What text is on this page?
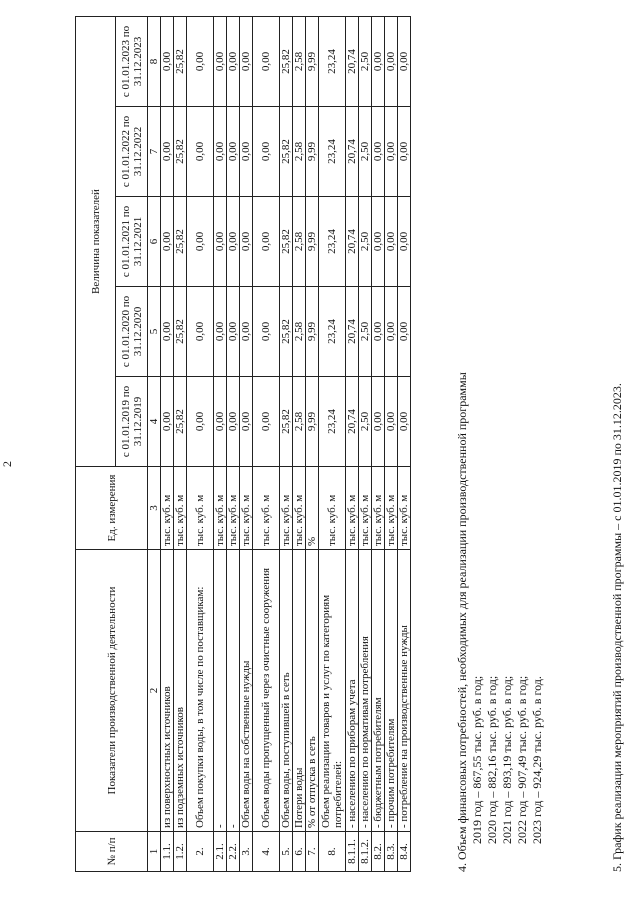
2
№ п/п	Показатели производственной деятельности	Ед. измерения	Величина показателей				
			с 01.01.2019 по 31.12.2019	с 01.01.2020 по 31.12.2020	с 01.01.2021 по 31.12.2021	с 01.01.2022 по 31.12.2022	с 01.01.2023 по 31.12.2023
1	2	3	4	5	6	7	8
1.1.	из поверхностных источников	тыс. куб. м	0,00	0,00	0,00	0,00	0,00
1.2.	из подземных источников	тыс. куб. м	25,82	25,82	25,82	25,82	25,82
2.	Объем покупки воды, в том числе по поставщикам:	тыс. куб. м	0,00	0,00	0,00	0,00	0,00
2.1.	-	тыс. куб. м	0,00	0,00	0,00	0,00	0,00
2.2.	-	тыс. куб. м	0,00	0,00	0,00	0,00	0,00
3.	Объем воды на собственные нужды	тыс. куб. м	0,00	0,00	0,00	0,00	0,00
4.	Объем воды пропущенный через очистные сооружения	тыс. куб. м	0,00	0,00	0,00	0,00	0,00
5.	Объем воды, поступившей в сеть	тыс. куб. м	25,82	25,82	25,82	25,82	25,82
6.	Потери воды	тыс. куб. м	2,58	2,58	2,58	2,58	2,58
7.	% от отпуска в сеть	%	9,99	9,99	9,99	9,99	9,99
8.	Объем реализации товаров и услуг по категориям потребителей:	тыс. куб. м	23,24	23,24	23,24	23,24	23,24
8.1.1.	- населению по приборам учета	тыс. куб. м	20,74	20,74	20,74	20,74	20,74
8.1.2.	- населению по нормативам потребления	тыс. куб. м	2,50	2,50	2,50	2,50	2,50
8.2.	- бюджетным потребителям	тыс. куб. м	0,00	0,00	0,00	0,00	0,00
8.3.	- прочим потребителям	тыс. куб. м	0,00	0,00	0,00	0,00	0,00
8.4.	- потребление на производственные нужды	тыс. куб. м	0,00	0,00	0,00	0,00	0,00

4. Объем финансовых потребностей, необходимых для реализации производственной программы 2019 год – 867,55 тыс. руб. в год; 2020 год – 882,16 тыс. руб. в год; 2021 год – 893,19 тыс. руб. в год; 2022 год – 907,49 тыс. руб. в год; 2023 год – 924,29 тыс. руб. в год.	5. График реализации мероприятий производственной программы – с 01.01.2019 по 31.12.2023.
